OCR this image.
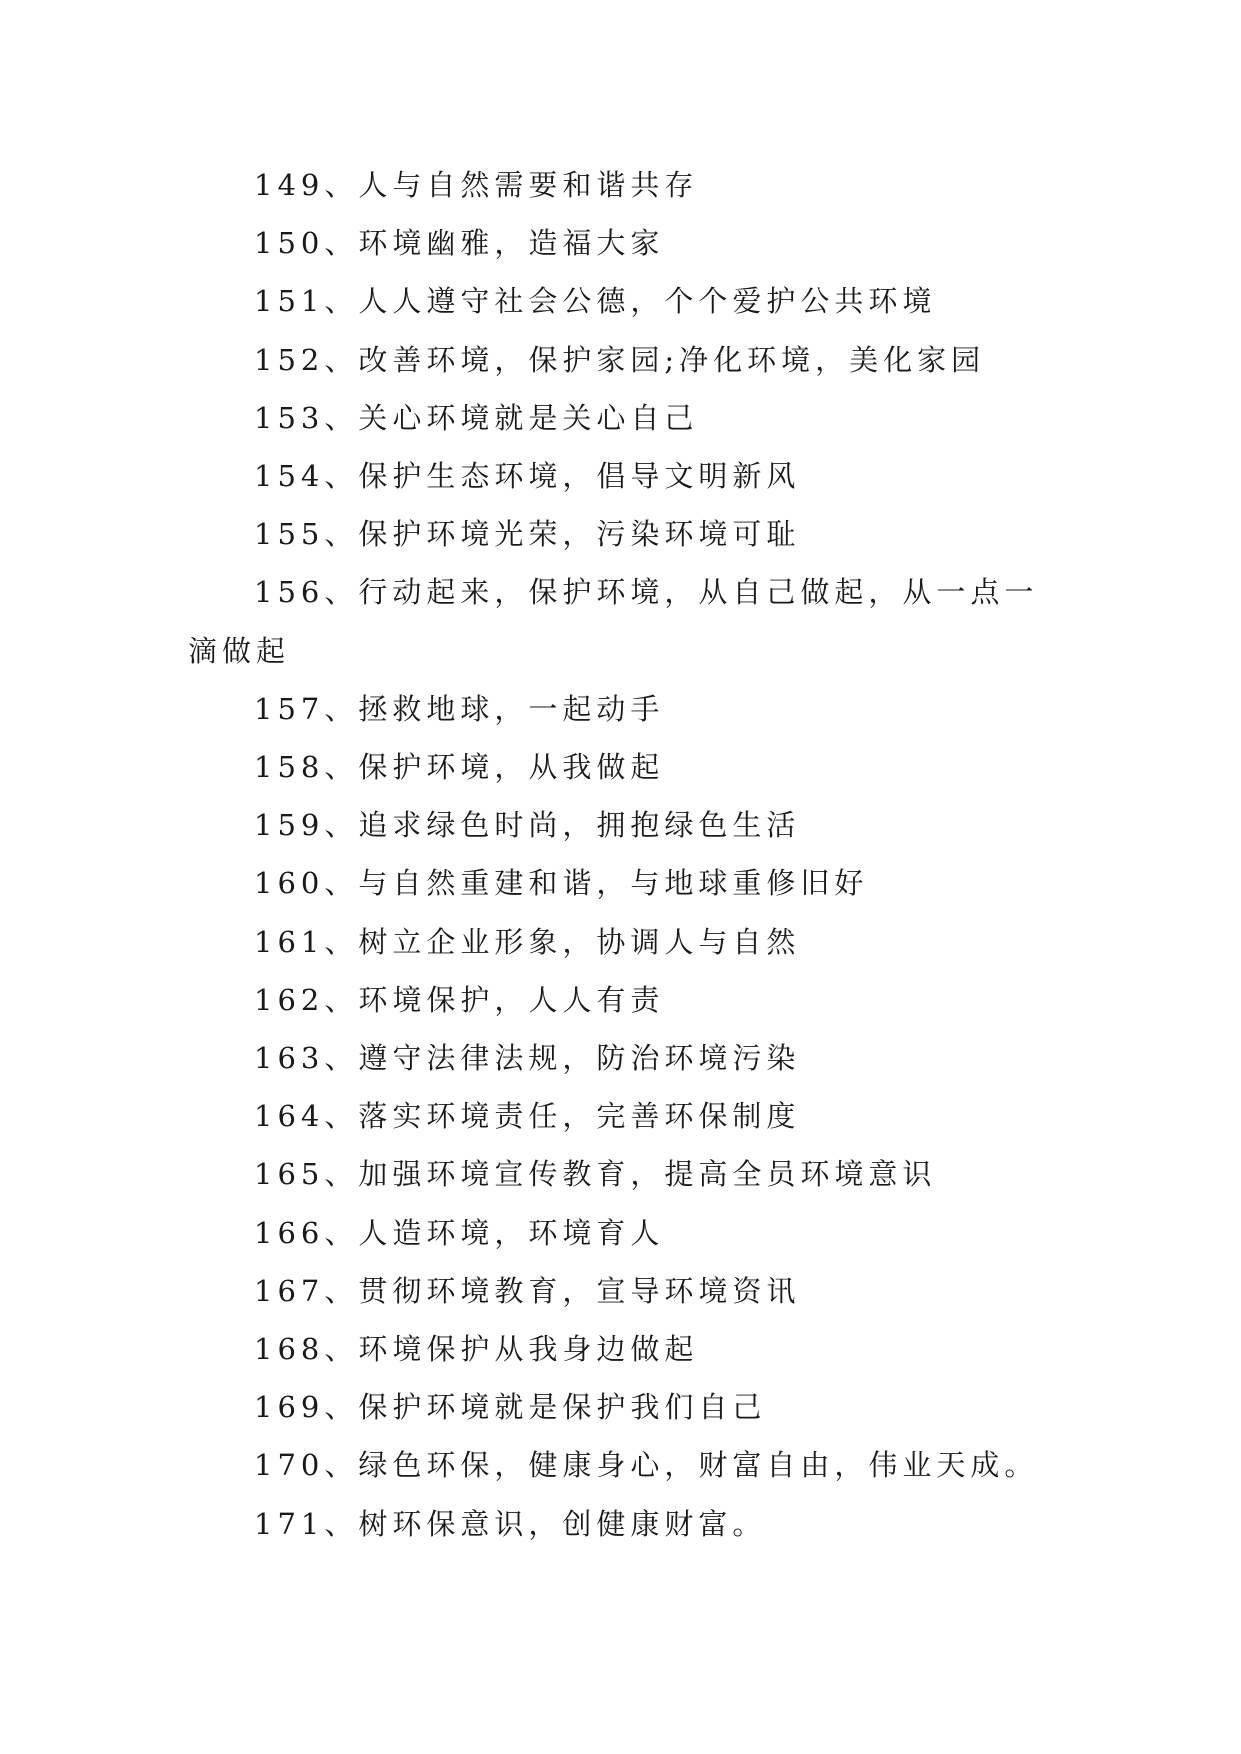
149、人与自然需要和谐共存

150、环境幽雅，造福大家

151、人人遵守社会公德，个个爱护公共环境

152、改善环境，保护家园;净化环境，美化家园

153、关心环境就是关心自己

154、保护生态环境，倡导文明新风

155、保护环境光荣，污染环境可耻

156、行动起来，保护环境，从自己做起，从一点一滴做起

157、拯救地球，一起动手

158、保护环境，从我做起

159、追求绿色时尚，拥抱绿色生活

160、与自然重建和谐，与地球重修旧好

161、树立企业形象，协调人与自然

162、环境保护，人人有责

163、遵守法律法规，防治环境污染

164、落实环境责任，完善环保制度

165、加强环境宣传教育，提高全员环境意识

166、人造环境，环境育人

167、贯彻环境教育，宣导环境资讯

168、环境保护从我身边做起

169、保护环境就是保护我们自己

170、绿色环保，健康身心，财富自由，伟业天成。

171、树环保意识，创健康财富。
